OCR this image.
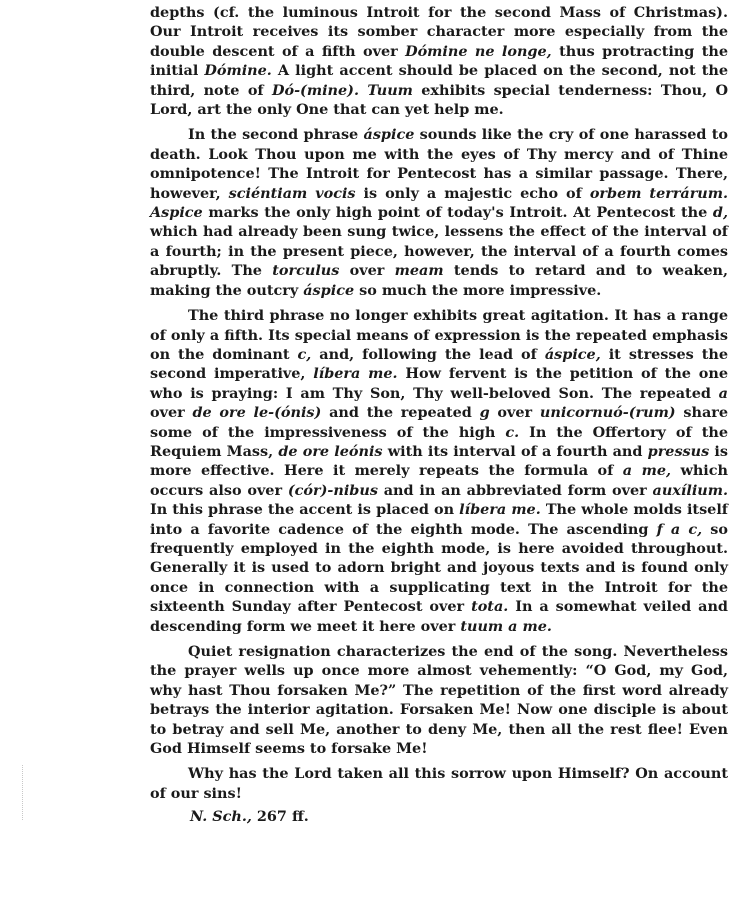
depths (cf. the luminous Introit for the second Mass of Christmas). Our Introit receives its somber character more especially from the double descent of a fifth over Dómine ne longe, thus protracting the initial Dómine. A light accent should be placed on the second, not the third, note of Dó-(mine). Tuum exhibits special tenderness: Thou, O Lord, art the only One that can yet help me.

In the second phrase áspice sounds like the cry of one harassed to death. Look Thou upon me with the eyes of Thy mercy and of Thine omnipotence! The Introit for Pentecost has a similar passage. There, however, sciéntiam vocis is only a majestic echo of orbem terrárum. Aspice marks the only high point of today's Introit. At Pentecost the d, which had already been sung twice, lessens the effect of the interval of a fourth; in the present piece, however, the interval of a fourth comes abruptly. The torculus over meam tends to retard and to weaken, making the outcry áspice so much the more impressive.

The third phrase no longer exhibits great agitation. It has a range of only a fifth. Its special means of expression is the repeated emphasis on the dominant c, and, following the lead of áspice, it stresses the second imperative, líbera me. How fervent is the petition of the one who is praying: I am Thy Son, Thy well-beloved Son. The repeated a over de ore le-(ónis) and the repeated g over unicornuó-(rum) share some of the impressiveness of the high c. In the Offertory of the Requiem Mass, de ore leónis with its interval of a fourth and pressus is more effective. Here it merely repeats the formula of a me, which occurs also over (cór)-nibus and in an abbreviated form over auxílium. In this phrase the accent is placed on líbera me. The whole molds itself into a favorite cadence of the eighth mode. The ascending f a c, so frequently employed in the eighth mode, is here avoided throughout. Generally it is used to adorn bright and joyous texts and is found only once in connection with a supplicating text in the Introit for the sixteenth Sunday after Pentecost over tota. In a somewhat veiled and descending form we meet it here over tuum a me.

Quiet resignation characterizes the end of the song. Nevertheless the prayer wells up once more almost vehemently: “O God, my God, why hast Thou forsaken Me?” The repetition of the first word already betrays the interior agitation. Forsaken Me! Now one disciple is about to betray and sell Me, another to deny Me, then all the rest flee! Even God Himself seems to forsake Me!

Why has the Lord taken all this sorrow upon Himself? On account of our sins!

N. Sch., 267 ff.
